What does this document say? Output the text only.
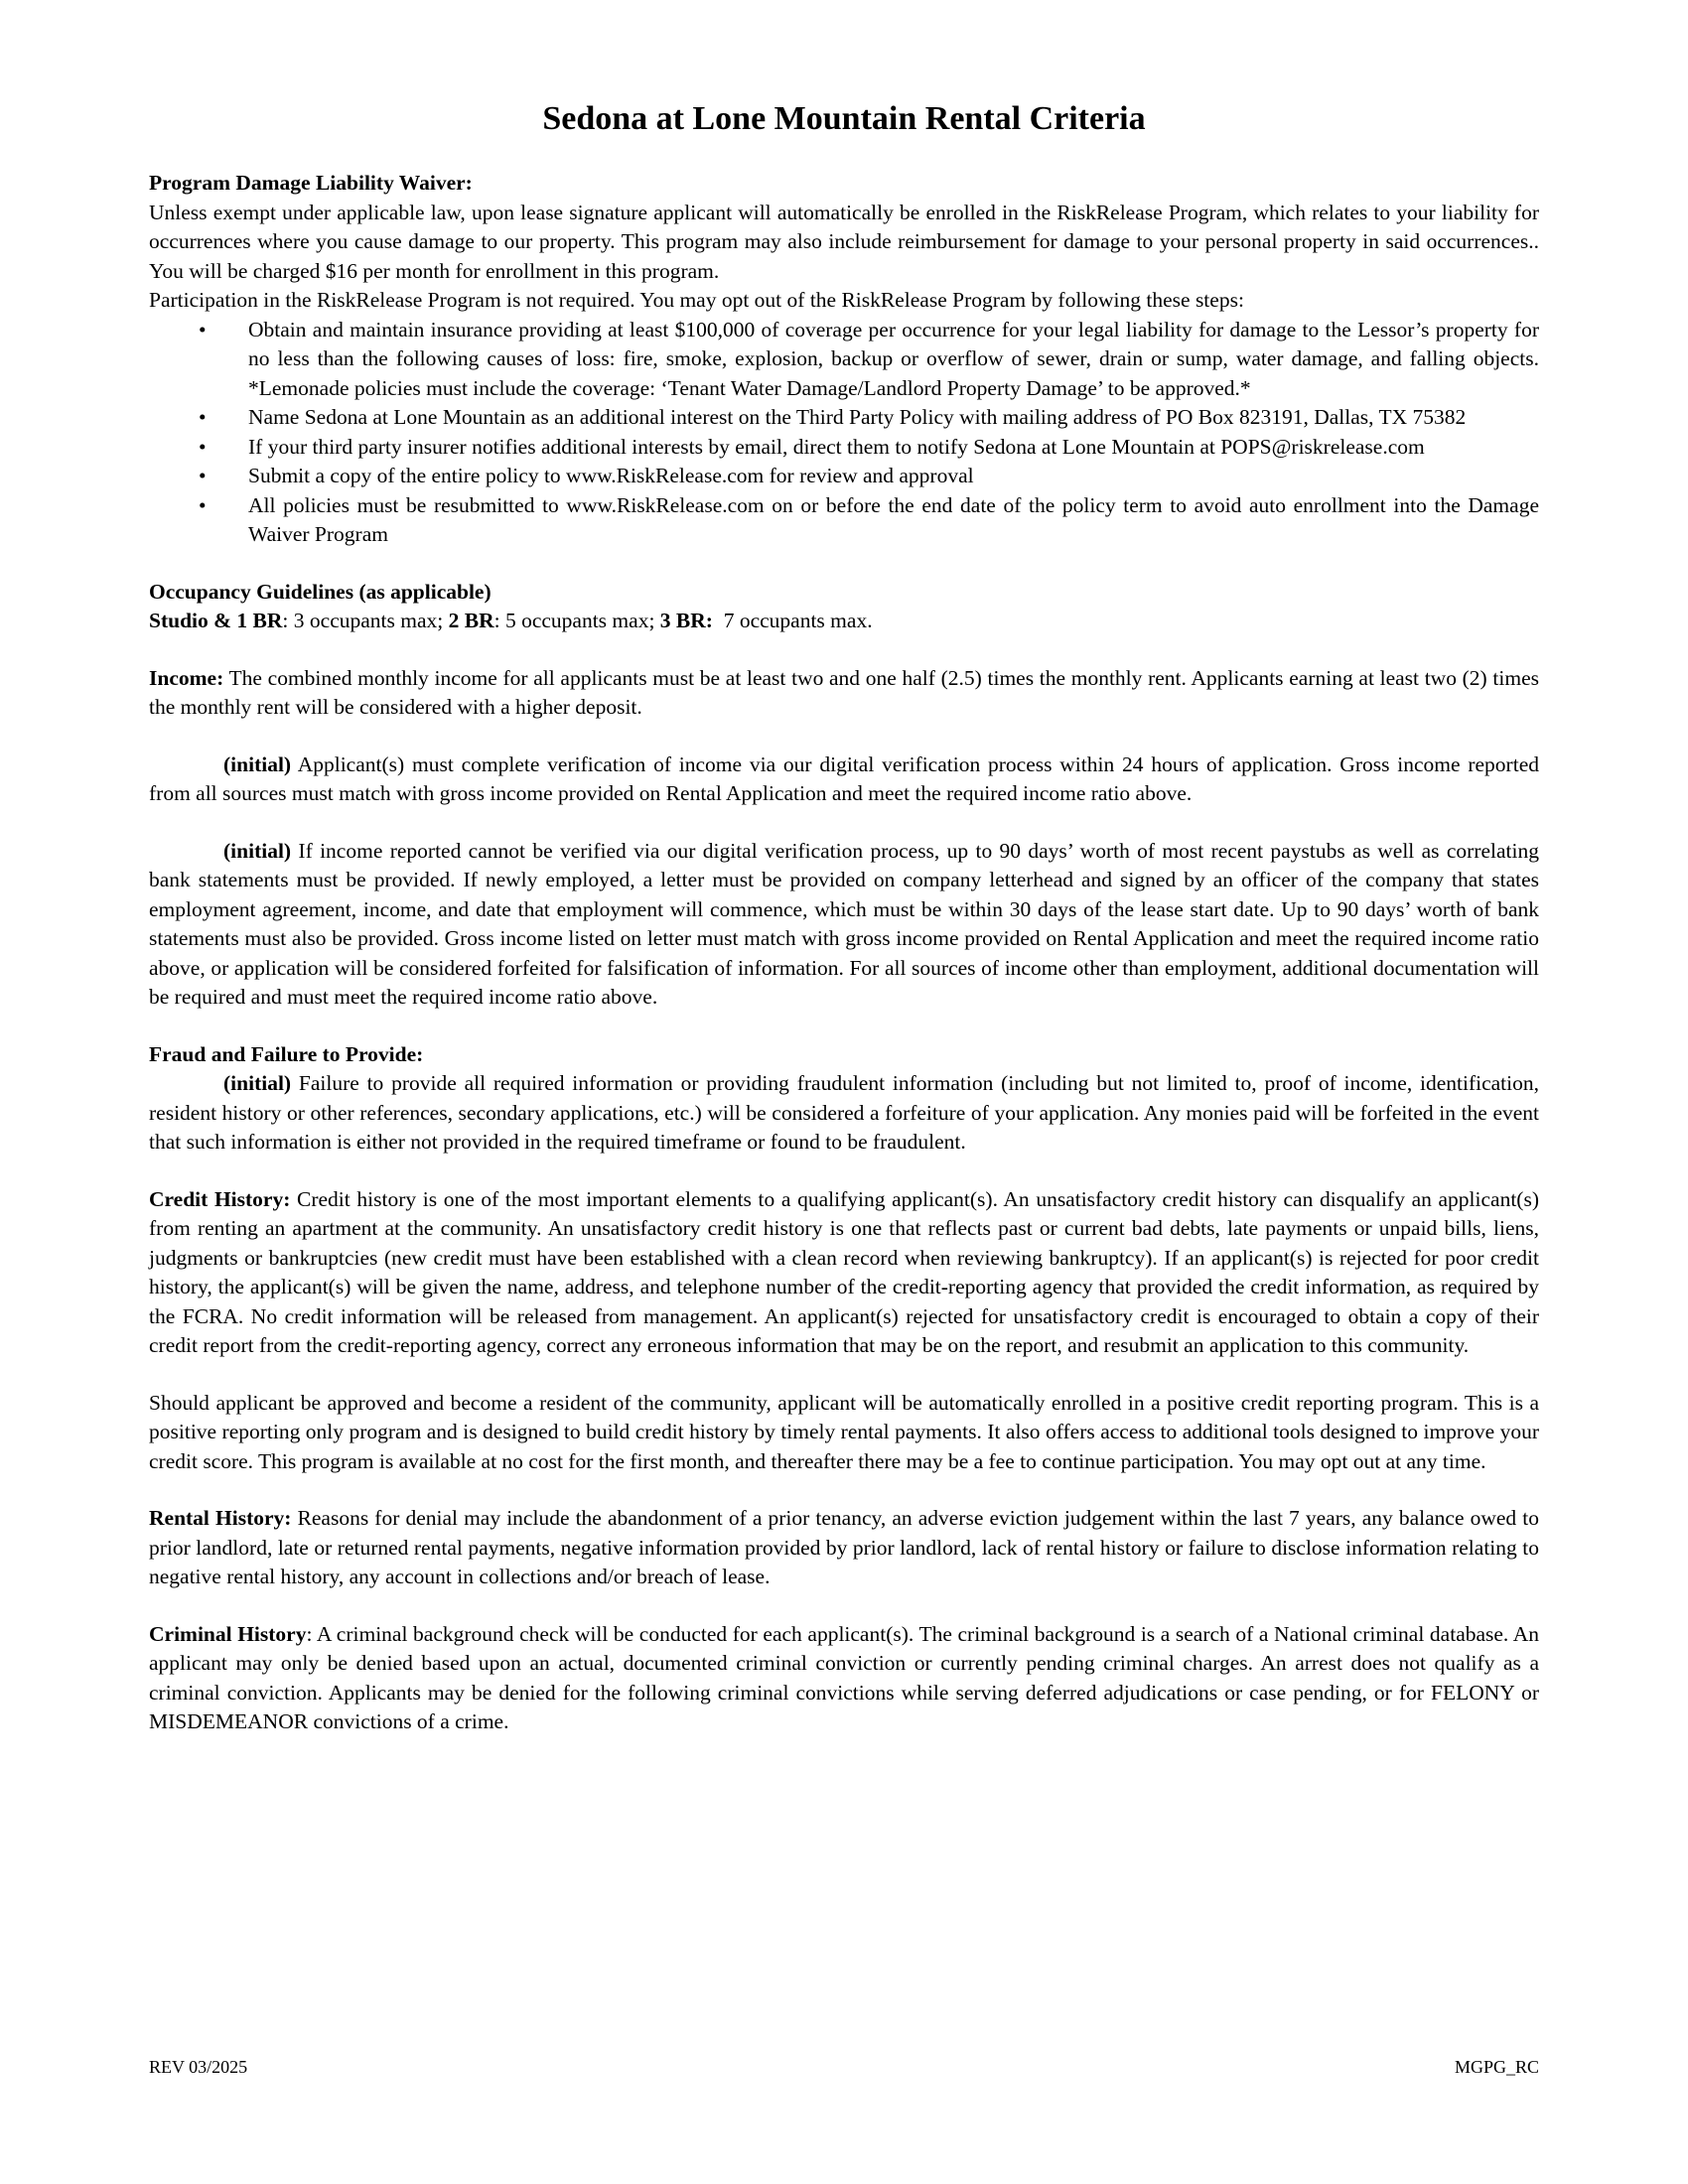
Sedona at Lone Mountain Rental Criteria
Program Damage Liability Waiver:

Unless exempt under applicable law, upon lease signature applicant will automatically be enrolled in the RiskRelease Program, which relates to your liability for occurrences where you cause damage to our property. This program may also include reimbursement for damage to your personal property in said occurrences.. You will be charged $16 per month for enrollment in this program.

Participation in the RiskRelease Program is not required. You may opt out of the RiskRelease Program by following these steps:

• Obtain and maintain insurance providing at least $100,000 of coverage per occurrence for your legal liability for damage to the Lessor’s property for no less than the following causes of loss: fire, smoke, explosion, backup or overflow of sewer, drain or sump, water damage, and falling objects. *Lemonade policies must include the coverage: ‘Tenant Water Damage/Landlord Property Damage’ to be approved.*
• Name Sedona at Lone Mountain as an additional interest on the Third Party Policy with mailing address of PO Box 823191, Dallas, TX 75382
• If your third party insurer notifies additional interests by email, direct them to notify Sedona at Lone Mountain at POPS@riskrelease.com
• Submit a copy of the entire policy to www.RiskRelease.com for review and approval
• All policies must be resubmitted to www.RiskRelease.com on or before the end date of the policy term to avoid auto enrollment into the Damage Waiver Program
Occupancy Guidelines (as applicable)

Studio & 1 BR: 3 occupants max; 2 BR: 5 occupants max; 3 BR:  7 occupants max.

Income: The combined monthly income for all applicants must be at least two and one half (2.5) times the monthly rent. Applicants earning at least two (2) times the monthly rent will be considered with a higher deposit.

(initial) Applicant(s) must complete verification of income via our digital verification process within 24 hours of application. Gross income reported from all sources must match with gross income provided on Rental Application and meet the required income ratio above.

(initial) If income reported cannot be verified via our digital verification process, up to 90 days’ worth of most recent paystubs as well as correlating bank statements must be provided. If newly employed, a letter must be provided on company letterhead and signed by an officer of the company that states employment agreement, income, and date that employment will commence, which must be within 30 days of the lease start date. Up to 90 days’ worth of bank statements must also be provided. Gross income listed on letter must match with gross income provided on Rental Application and meet the required income ratio above, or application will be considered forfeited for falsification of information. For all sources of income other than employment, additional documentation will be required and must meet the required income ratio above.

Fraud and Failure to Provide:

(initial) Failure to provide all required information or providing fraudulent information (including but not limited to, proof of income, identification, resident history or other references, secondary applications, etc.) will be considered a forfeiture of your application. Any monies paid will be forfeited in the event that such information is either not provided in the required timeframe or found to be fraudulent.

Credit History: Credit history is one of the most important elements to a qualifying applicant(s). An unsatisfactory credit history can disqualify an applicant(s) from renting an apartment at the community. An unsatisfactory credit history is one that reflects past or current bad debts, late payments or unpaid bills, liens, judgments or bankruptcies (new credit must have been established with a clean record when reviewing bankruptcy). If an applicant(s) is rejected for poor credit history, the applicant(s) will be given the name, address, and telephone number of the credit-reporting agency that provided the credit information, as required by the FCRA. No credit information will be released from management. An applicant(s) rejected for unsatisfactory credit is encouraged to obtain a copy of their credit report from the credit-reporting agency, correct any erroneous information that may be on the report, and resubmit an application to this community.

Should applicant be approved and become a resident of the community, applicant will be automatically enrolled in a positive credit reporting program. This is a positive reporting only program and is designed to build credit history by timely rental payments. It also offers access to additional tools designed to improve your credit score. This program is available at no cost for the first month, and thereafter there may be a fee to continue participation. You may opt out at any time.

Rental History: Reasons for denial may include the abandonment of a prior tenancy, an adverse eviction judgement within the last 7 years, any balance owed to prior landlord, late or returned rental payments, negative information provided by prior landlord, lack of rental history or failure to disclose information relating to negative rental history, any account in collections and/or breach of lease.

Criminal History: A criminal background check will be conducted for each applicant(s). The criminal background is a search of a National criminal database. An applicant may only be denied based upon an actual, documented criminal conviction or currently pending criminal charges. An arrest does not qualify as a criminal conviction. Applicants may be denied for the following criminal convictions while serving deferred adjudications or case pending, or for FELONY or MISDEMEANOR convictions of a crime.

REV 03/2025	MGPG_RC
